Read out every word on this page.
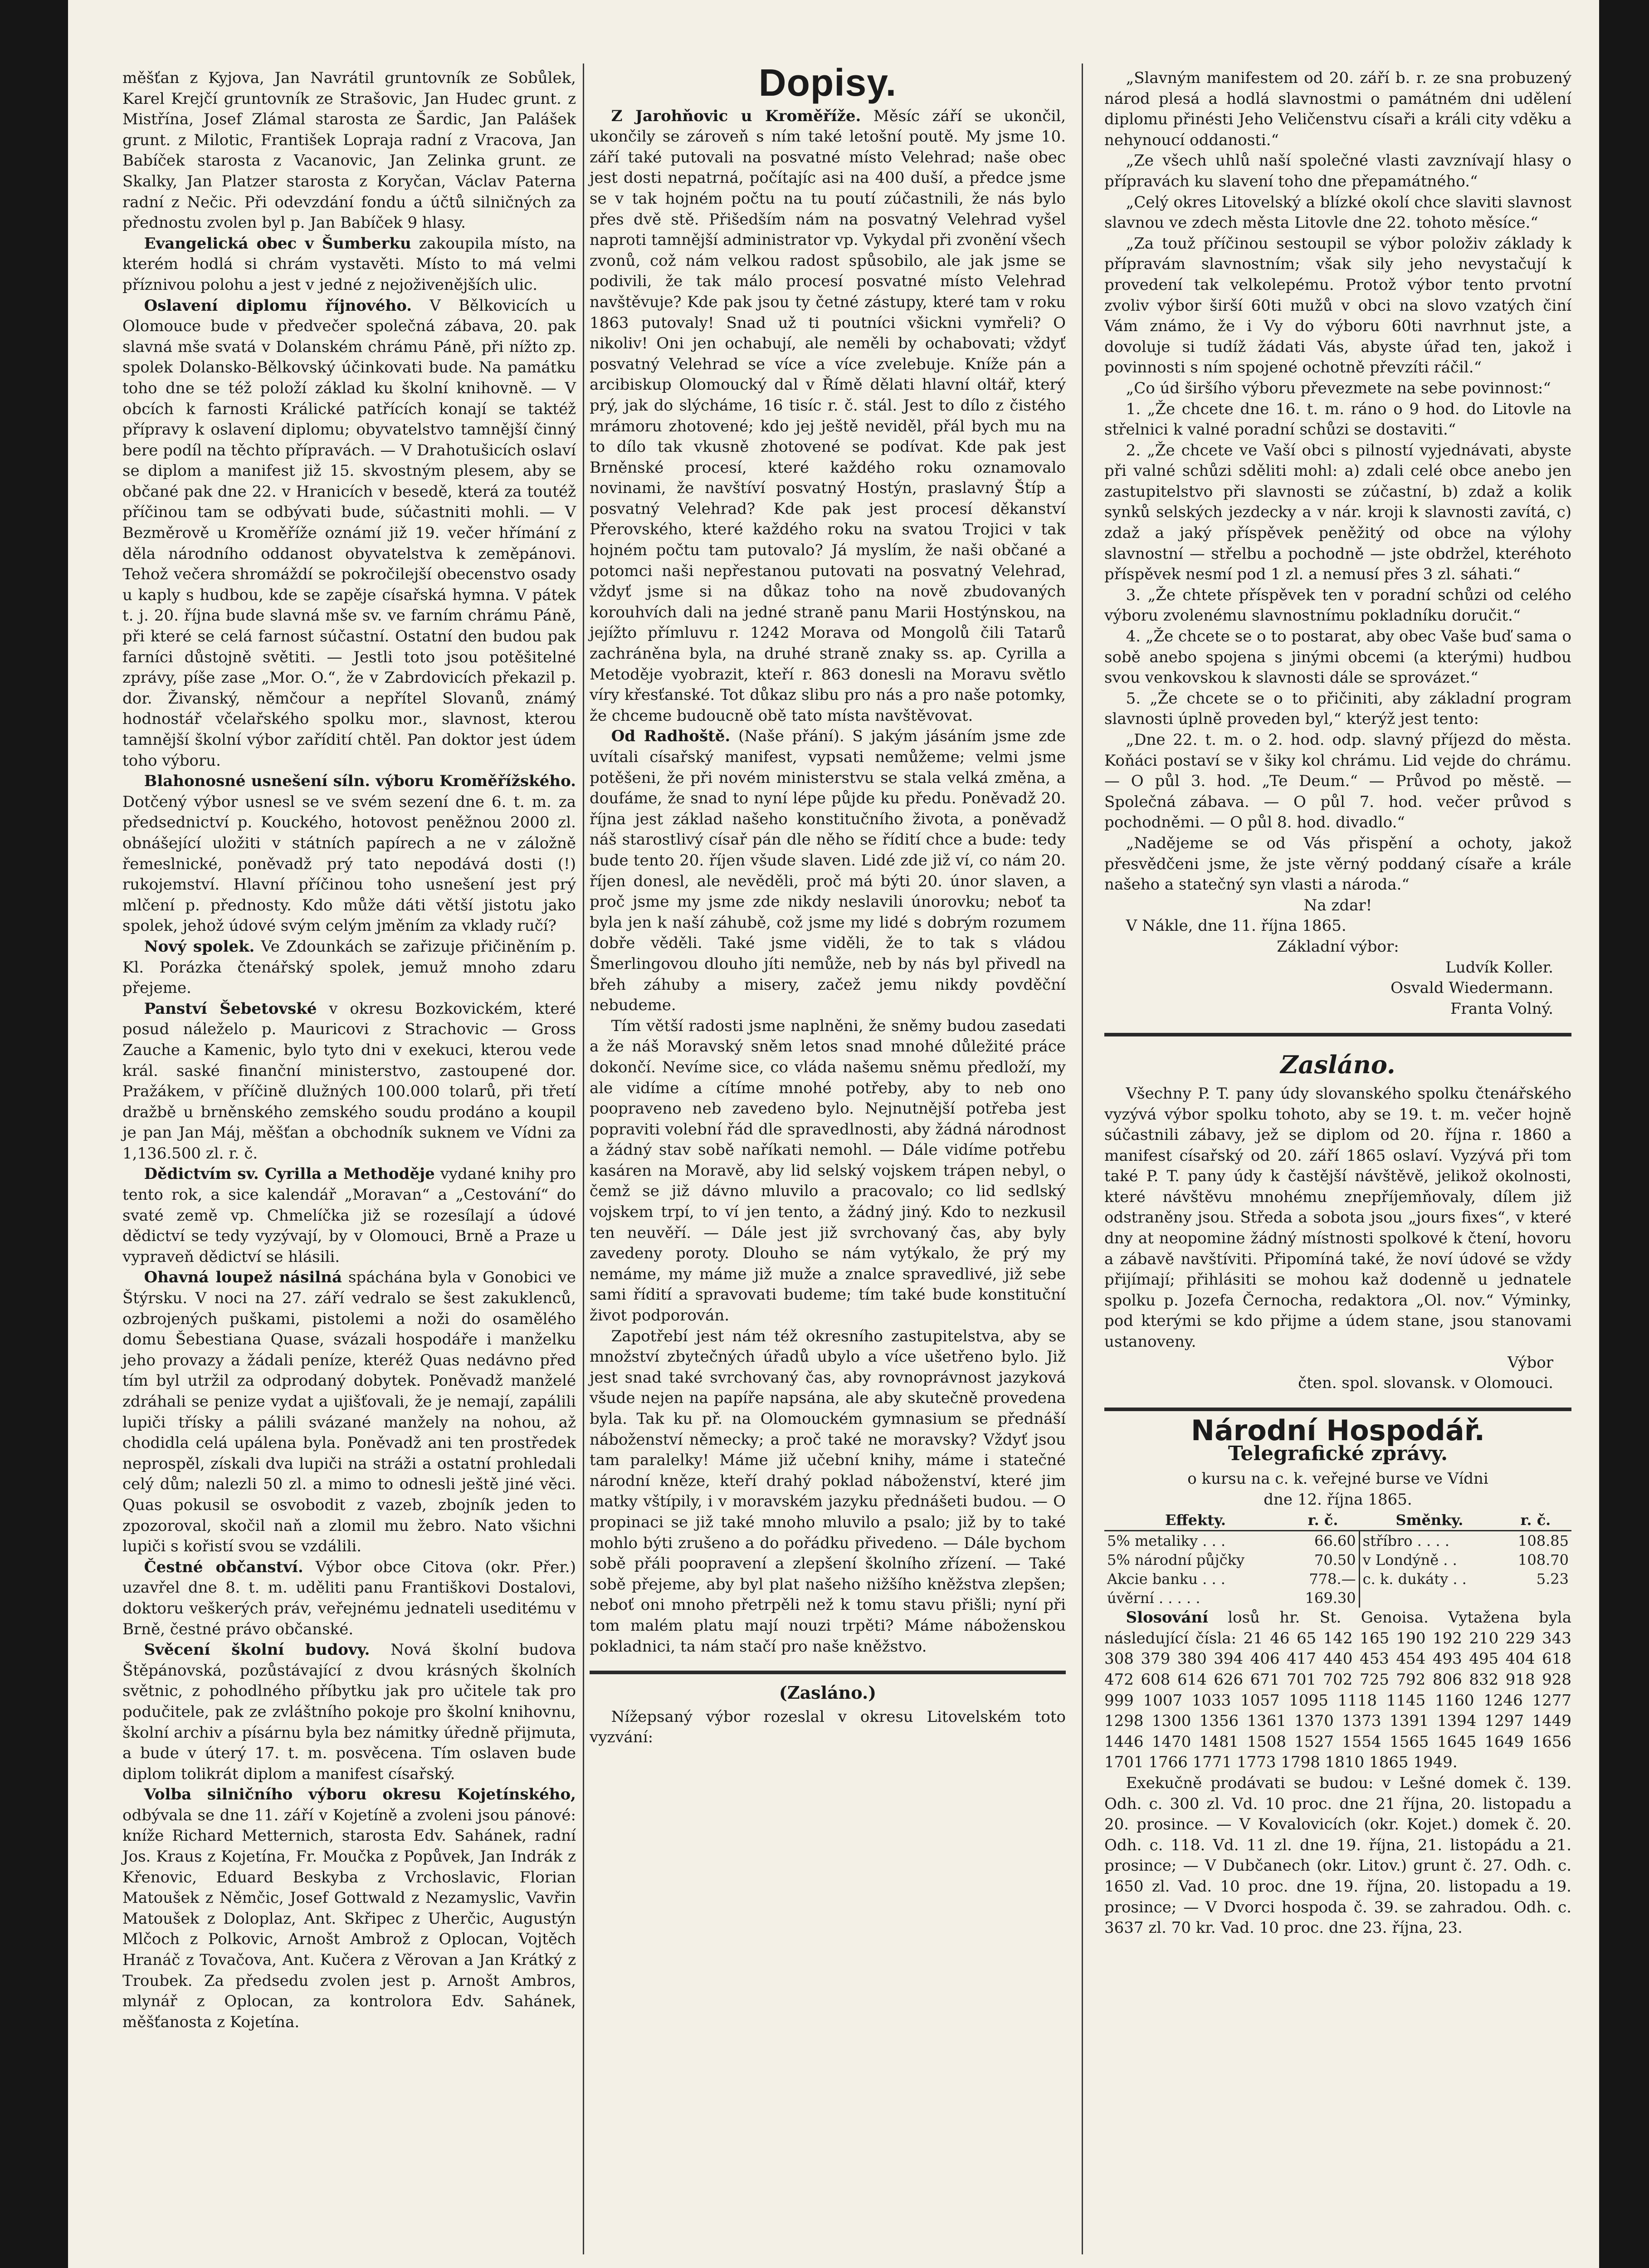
měšťan z Kyjova, Jan Navrátil gruntovník ze Sobůlek, Karel Krejčí gruntovník ze Strašovic, Jan Hudec grunt. z Mistřína, Josef Zlámal starosta ze Šardic, Jan Palášek grunt. z Milotic, František Lopraja radní z Vracova, Jan Babíček starosta z Vacanovic, Jan Zelinka grunt. ze Skalky, Jan Platzer starosta z Koryčan, Václav Paterna radní z Nečic. Při odevzdání fondu a účtů silničných za přednostu zvolen byl p. Jan Babíček 9 hlasy.

Evangelická obec v Šumberku zakoupila místo, na kterém hodlá si chrám vystavěti. Místo to má velmi příznivou polohu a jest v jedné z nejoživenějších ulic.

Oslavení diplomu říjnového. V Bělkovicích u Olomouce bude v předvečer společná zábava, 20. pak slavná mše svatá v Dolanském chrámu Páně, při nížto zp. spolek Dolansko-Bělkovský účinkovati bude. Na památku toho dne se též položí základ ku školní knihovně. — V obcích k farnosti Králické patřících konají se taktéž přípravy k oslavení diplomu; obyvatelstvo tamnější činný bere podíl na těchto přípravách. — V Drahotušicích oslaví se diplom a manifest již 15. skvostným plesem, aby se občané pak dne 22. v Hranicích v besedě, která za toutéž příčinou tam se odbývati bude, súčastniti mohli. — V Bezměrově u Kroměříže oznámí již 19. večer hřímání z děla národního oddanost obyvatelstva k zeměpánovi. Tehož večera shromáždí se pokročilejší obecenstvo osady u kaply s hudbou, kde se zapěje císařská hymna. V pátek t. j. 20. října bude slavná mše sv. ve farním chrámu Páně, při které se celá farnost súčastní. Ostatní den budou pak farníci důstojně světiti. — Jestli toto jsou potěšitelné zprávy, píše zase „Mor. O.“, že v Zabrdovicích překazil p. dor. Živanský, němčour a nepřítel Slovanů, známý hodnostář včelařského spolku mor., slavnost, kterou tamnější školní výbor zařídití chtěl. Pan doktor jest údem toho výboru.

Blahonosné usnešení síln. výboru Kroměřížského. Dotčený výbor usnesl se ve svém sezení dne 6. t. m. za předsednictví p. Kouckého, hotovost peněžnou 2000 zl. obnášející uložiti v státních papírech a ne v záložně řemeslnické, poněvadž prý tato nepodává dosti (!) rukojemství. Hlavní příčinou toho usnešení jest prý mlčení p. přednosty. Kdo může dáti větší jistotu jako spolek, jehož údové svým celým jměním za vklady ručí?

Nový spolek. Ve Zdounkách se zařizuje přičiněním p. Kl. Porázka čtenářský spolek, jemuž mnoho zdaru přejeme.

Panství Šebetovské v okresu Bozkovickém, které posud náleželo p. Mauricovi z Strachovic — Gross Zauche a Kamenic, bylo tyto dni v exekuci, kterou vede král. saské finanční ministerstvo, zastoupené dor. Pražákem, v příčině dlužných 100.000 tolarů, při třetí dražbě u brněnského zemského soudu prodáno a koupil je pan Jan Máj, měšťan a obchodník suknem ve Vídni za 1,136.500 zl. r. č.

Dědictvím sv. Cyrilla a Methoděje vydané knihy pro tento rok, a sice kalendář „Moravan“ a „Cestování“ do svaté země vp. Chmelíčka již se rozesílají a údové dědictví se tedy vyzývají, by v Olomouci, Brně a Praze u vypraveň dědictví se hlásili.

Ohavná loupež násilná spáchána byla v Gonobici ve Štýrsku. V noci na 27. září vedralo se šest zakuklenců, ozbrojených puškami, pistolemi a noži do osamělého domu Šebestiana Quase, svázali hospodáře i manželku jeho provazy a žádali peníze, kteréž Quas nedávno před tím byl utržil za odprodaný dobytek. Poněvadž manželé zdráhali se penize vydat a ujišťovali, že je nemají, zapálili lupiči třísky a pálili svázané manžely na nohou, až chodidla celá upálena byla. Poněvadž ani ten prostředek neprospěl, získali dva lupiči na stráži a ostatní prohledali celý dům; nalezli 50 zl. a mimo to odnesli ještě jiné věci. Quas pokusil se osvobodit z vazeb, zbojník jeden to zpozoroval, skočil naň a zlomil mu žebro. Nato všichni lupiči s kořistí svou se vzdálili.

Čestné občanství. Výbor obce Citova (okr. Přer.) uzavřel dne 8. t. m. uděliti panu Františkovi Dostalovi, doktoru veškerých práv, veřejnému jednateli useditému v Brně, čestné právo občanské.

Svěcení školní budovy. Nová školní budova Štěpánovská, pozůstávající z dvou krásných školních světnic, z pohodlného příbytku jak pro učitele tak pro podučitele, pak ze zvláštního pokoje pro školní knihovnu, školní archiv a písárnu byla bez námitky úředně přijmuta, a bude v úterý 17. t. m. posvěcena. Tím oslaven bude diplom tolikrát diplom a manifest císařský.

Volba silničního výboru okresu Kojetínského, odbývala se dne 11. září v Kojetíně a zvoleni jsou pánové: kníže Richard Metternich, starosta Edv. Sahánek, radní Jos. Kraus z Kojetína, Fr. Moučka z Popůvek, Jan Indrák z Křenovic, Eduard Beskyba z Vrchoslavic, Florian Matoušek z Němčic, Josef Gottwald z Nezamyslic, Vavřin Matoušek z Doloplaz, Ant. Skřipec z Uherčic, Augustýn Mlčoch z Polkovic, Arnošt Ambrož z Oplocan, Vojtěch Hranáč z Tovačova, Ant. Kučera z Věrovan a Jan Krátký z Troubek. Za předsedu zvolen jest p. Arnošt Ambros, mlynář z Oplocan, za kontrolora Edv. Sahánek, měšťanosta z Kojetína.

Dopisy.

Z Jarohňovic u Kroměříže. Měsíc září se ukončil, ukončily se zároveň s ním také letošní poutě. My jsme 10. září také putovali na posvatné místo Velehrad; naše obec jest dosti nepatrná, počítajíc asi na 400 duší, a předce jsme se v tak hojném počtu na tu poutí zúčastnili, že nás bylo přes dvě stě. Přišedším nám na posvatný Velehrad vyšel naproti tamnější administrator vp. Vykydal při zvonění všech zvonů, což nám velkou radost spůsobilo, ale jak jsme se podivili, že tak málo procesí posvatné místo Velehrad navštěvuje? Kde pak jsou ty četné zástupy, které tam v roku 1863 putovaly! Snad už ti poutníci všickni vymřeli? O nikoliv! Oni jen ochabují, ale neměli by ochabovati; vždyť posvatný Velehrad se více a více zvelebuje. Kníže pán a arcibiskup Olomoucký dal v Římě dělati hlavní oltář, který prý, jak do slýcháme, 16 tisíc r. č. stál. Jest to dílo z čistého mrámoru zhotovené; kdo jej ještě neviděl, přál bych mu na to dílo tak vkusně zhotovené se podívat. Kde pak jest Brněnské procesí, které každého roku oznamovalo novinami, že navštíví posvatný Hostýn, praslavný Štíp a posvatný Velehrad? Kde pak jest procesí děkanství Přerovského, které každého roku na svatou Trojici v tak hojném počtu tam putovalo? Já myslím, že naši občané a potomci naši nepřestanou putovati na posvatný Velehrad, vždyť jsme si na důkaz toho na nově zbudovaných korouhvích dali na jedné straně panu Marii Hostýnskou, na jejížto přímluvu r. 1242 Morava od Mongolů čili Tatarů zachráněna byla, na druhé straně znaky ss. ap. Cyrilla a Metoděje vyobrazit, kteří r. 863 donesli na Moravu světlo víry křesťanské. Tot důkaz slibu pro nás a pro naše potomky, že chceme budoucně obě tato místa navštěvovat.

Od Radhoště. (Naše přání). S jakým jásáním jsme zde uvítali císařský manifest, vypsati nemůžeme; velmi jsme potěšeni, že při novém ministerstvu se stala velká změna, a doufáme, že snad to nyní lépe půjde ku předu. Poněvadž 20. října jest základ našeho konstitučního života, a poněvadž náš starostlivý císař pán dle něho se řídití chce a bude: tedy bude tento 20. říjen všude slaven. Lidé zde již ví, co nám 20. říjen donesl, ale nevěděli, proč má býti 20. únor slaven, a proč jsme my jsme zde nikdy neslavili únorovku; neboť ta byla jen k naší záhubě, což jsme my lidé s dobrým rozumem dobře věděli. Také jsme viděli, že to tak s vládou Šmerlingovou dlouho jíti nemůže, neb by nás byl přivedl na břeh záhuby a misery, začež jemu nikdy povděční nebudeme.

Tím větší radosti jsme naplněni, že sněmy budou zasedati a že náš Moravský sněm letos snad mnohé důležité práce dokončí. Nevíme sice, co vláda našemu sněmu předloží, my ale vidíme a cítíme mnohé potřeby, aby to neb ono poopraveno neb zavedeno bylo. Nejnutnější potřeba jest popraviti volební řád dle spravedlnosti, aby žádná národnost a žádný stav sobě naříkati nemohl. — Dále vidíme potřebu kasáren na Moravě, aby lid selský vojskem trápen nebyl, o čemž se již dávno mluvilo a pracovalo; co lid sedlský vojskem trpí, to ví jen tento, a žádný jiný. Kdo to nezkusil ten neuvěří. — Dále jest již svrchovaný čas, aby byly zavedeny poroty. Dlouho se nám vytýkalo, že prý my nemáme, my máme již muže a znalce spravedlivé, již sebe sami řídití a spravovati budeme; tím také bude konstituční život podporován.

Zapotřebí jest nám též okresního zastupitelstva, aby se množství zbytečných úřadů ubylo a více ušetřeno bylo. Již jest snad také svrchovaný čas, aby rovnoprávnost jazyková všude nejen na papíře napsána, ale aby skutečně provedena byla. Tak ku př. na Olomouckém gymnasium se přednáší náboženství německy; a proč také ne moravsky? Vždyť jsou tam paralelky! Máme již učební knihy, máme i statečné národní kněze, kteří drahý poklad náboženství, které jim matky vštípily, i v moravském jazyku přednášeti budou. — O propinaci se již také mnoho mluvilo a psalo; již by to také mohlo býti zrušeno a do pořádku přivedeno. — Dále bychom sobě přáli poopravení a zlepšení školního zřízení. — Také sobě přejeme, aby byl plat našeho nižšího kněžstva zlepšen; neboť oni mnoho přetrpěli než k tomu stavu přišli; nyní při tom malém platu mají nouzi trpěti? Máme náboženskou pokladnici, ta nám stačí pro naše kněžstvo.

(Zasláno.)

Nížepsaný výbor rozeslal v okresu Litovelském toto vyzvání:

„Slavným manifestem od 20. září b. r. ze sna probuzený národ plesá a hodlá slavnostmi o památném dni udělení diplomu přinésti Jeho Veličenstvu císaři a králi city vděku a nehynoucí oddanosti.“

„Ze všech uhlů naší společné vlasti zavznívají hlasy o přípravách ku slavení toho dne přepamátného.“

„Celý okres Litovelský a blízké okolí chce slaviti slavnost slavnou ve zdech města Litovle dne 22. tohoto měsíce.“

„Za touž příčinou sestoupil se výbor položiv základy k přípravám slavnostním; však sily jeho nevystačují k provedení tak velkolepému. Protož výbor tento prvotní zvoliv výbor širší 60ti mužů v obci na slovo vzatých činí Vám známo, že i Vy do výboru 60ti navrhnut jste, a dovoluje si tudíž žádati Vás, abyste úřad ten, jakož i povinnosti s ním spojené ochotně převzíti ráčil.“

„Co úd širšího výboru převezmete na sebe povinnost:“

1. „Že chcete dne 16. t. m. ráno o 9 hod. do Litovle na střelnici k valné poradní schůzi se dostaviti.“

2. „Že chcete ve Vaší obci s pilností vyjednávati, abyste při valné schůzi sděliti mohl: a) zdali celé obce anebo jen zastupitelstvo při slavnosti se zúčastní, b) zdaž a kolik synků selských jezdecky a v nár. kroji k slavnosti zavítá, c) zdaž a jaký příspěvek peněžitý od obce na výlohy slavnostní — střelbu a pochodně — jste obdržel, kteréhoto příspěvek nesmí pod 1 zl. a nemusí přes 3 zl. sáhati.“

3. „Že chtete příspěvek ten v poradní schůzi od celého výboru zvolenému slavnostnímu pokladníku doručit.“

4. „Že chcete se o to postarat, aby obec Vaše buď sama o sobě anebo spojena s jinými obcemi (a kterými) hudbou svou venkovskou k slavnosti dále se sprovázet.“

5. „Že chcete se o to přičiniti, aby základní program slavnosti úplně proveden byl,“ kterýž jest tento:

„Dne 22. t. m. o 2. hod. odp. slavný příjezd do města. Koňáci postaví se v šiky kol chrámu. Lid vejde do chrámu. — O půl 3. hod. „Te Deum.“ — Průvod po městě. — Společná zábava. — O půl 7. hod. večer průvod s pochodněmi. — O půl 8. hod. divadlo.“

„Nadějeme se od Vás přispění a ochoty, jakož přesvědčeni jsme, že jste věrný poddaný císaře a krále našeho a statečný syn vlasti a národa.“

Na zdar!

V Nákle, dne 11. října 1865.

Základní výbor:

Ludvík Koller.

Osvald Wiedermann.

Franta Volný.

Zasláno.

Všechny P. T. pany údy slovanského spolku čtenářského vyzývá výbor spolku tohoto, aby se 19. t. m. večer hojně súčastnili zábavy, jež se diplom od 20. října r. 1860 a manifest císařský od 20. září 1865 oslaví. Vyzývá při tom také P. T. pany údy k častější návštěvě, jelikož okolnosti, které návštěvu mnohému znepříjemňovaly, dílem již odstraněny jsou. Středa a sobota jsou „jours fixes“, v které dny at neopomine žádný místnosti spolkové k čtení, hovoru a zábavě navštíviti. Připomíná také, že noví údové se vždy přijímají; přihlásiti se mohou kaž dodenně u jednatele spolku p. Jozefa Černocha, redaktora „Ol. nov.“ Výminky, pod kterými se kdo přijme a údem stane, jsou stanovami ustanoveny.

Výbor

čten. spol. slovansk. v Olomouci.

Národní Hospodář.
Telegrafické zprávy.

o kursu na c. k. veřejné burse ve Vídni

dne 12. října 1865.

Effekty.	r. č.	Směnky.	r. č.
5% metaliky . . .	66.60	stříbro . . . .	108.85
5% národní půjčky	70.50	v Londýně . .	108.70
Akcie banku . . .	778.—	c. k. dukáty . .	5.23
úvěrní . . . . .	169.30		

Slosování losů hr. St. Genoisa. Vytažena byla následující čísla: 21 46 65 142 165 190 192 210 229 343 308 379 380 394 406 417 440 453 454 493 495 404 618 472 608 614 626 671 701 702 725 792 806 832 918 928 999 1007 1033 1057 1095 1118 1145 1160 1246 1277 1298 1300 1356 1361 1370 1373 1391 1394 1297 1449 1446 1470 1481 1508 1527 1554 1565 1645 1649 1656 1701 1766 1771 1773 1798 1810 1865 1949.

Exekučně prodávati se budou: v Lešné domek č. 139. Odh. c. 300 zl. Vd. 10 proc. dne 21 října, 20. listopadu a 20. prosince. — V Kovalovicích (okr. Kojet.) domek č. 20. Odh. c. 118. Vd. 11 zl. dne 19. října, 21. listopádu a 21. prosince; — V Dubčanech (okr. Litov.) grunt č. 27. Odh. c. 1650 zl. Vad. 10 proc. dne 19. října, 20. listopadu a 19. prosince; — V Dvorci hospoda č. 39. se zahradou. Odh. c. 3637 zl. 70 kr. Vad. 10 proc. dne 23. října, 23.
